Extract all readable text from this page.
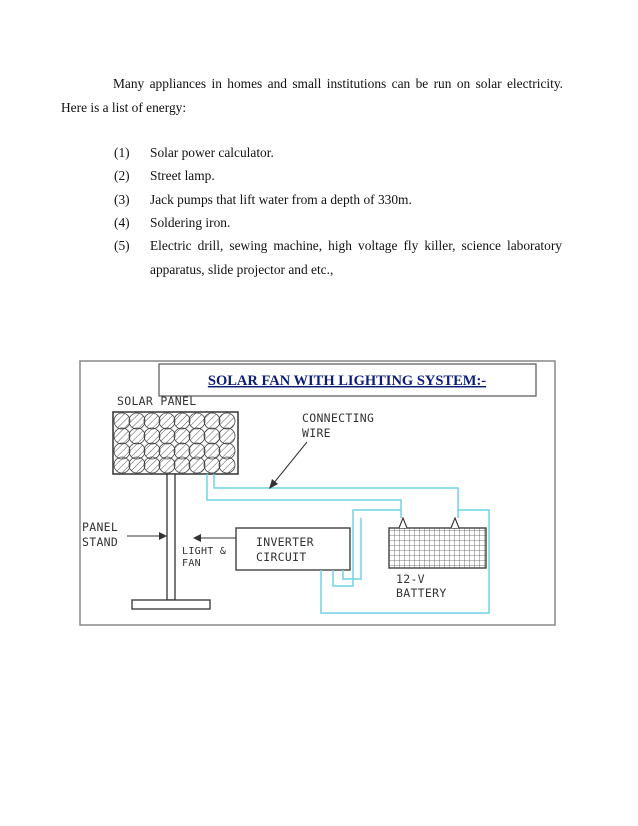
Many appliances in homes and small institutions can be run on solar electricity. Here is a list of energy:

(1) Solar power calculator.
(2) Street lamp.
(3) Jack pumps that lift water from a depth of 330m.
(4) Soldering iron.
(5) Electric drill, sewing machine, high voltage fly killer, science laboratory apparatus, slide projector and etc.,
SOLAR FAN WITH LIGHTING SYSTEM:-
SOLAR PANEL
PANEL
STAND	INVERTER
CIRCUIT
LIGHT &
FAN
12-V
BATTERY
CONNECTING
WIRE
